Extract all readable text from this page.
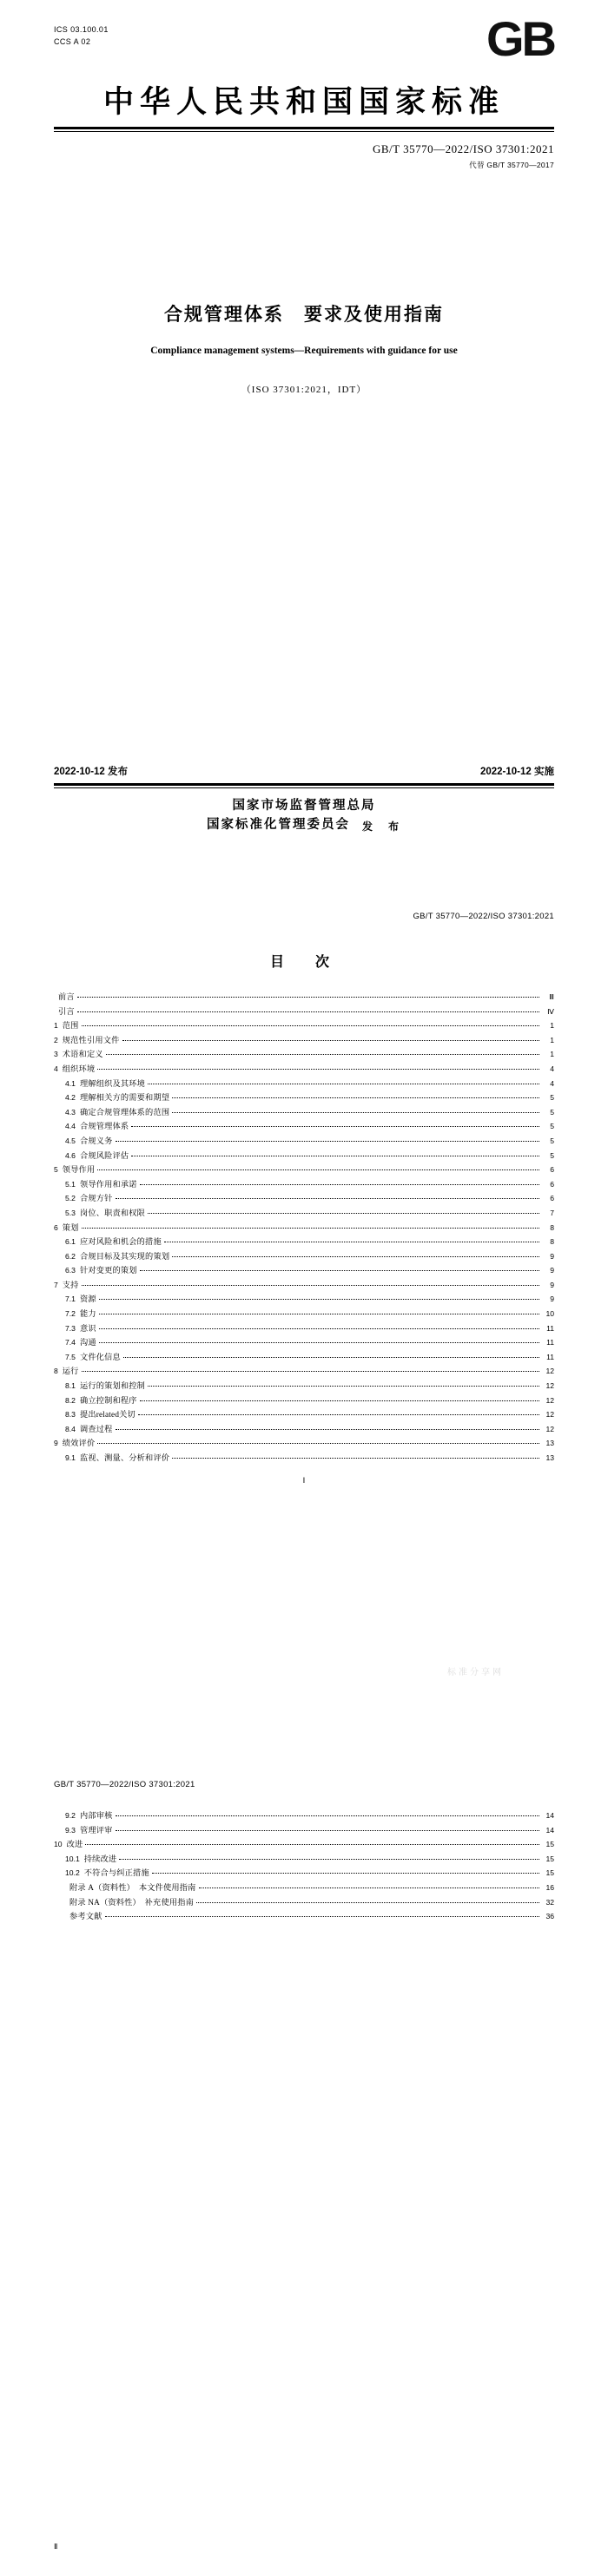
ICS 03.100.01
CCS A 02	GB
中华人民共和国国家标准
GB/T 35770—2022/ISO 37301:2021
代替 GB/T 35770—2017
合规管理体系　要求及使用指南
Compliance management systems—Requirements with guidance for use
（ISO 37301:2021，IDT）
2022-10-12 发布	2022-10-12 实施
国家市场监督管理总局
国家标准化管理委员会 发　布
GB/T 35770—2022/ISO 37301:2021
目　次
前言	Ⅲ
引言	Ⅳ
1 范围	1
2 规范性引用文件	1
3 术语和定义	1
4 组织环境	4
4.1 理解组织及其环境	4
4.2 理解相关方的需要和期望	5
4.3 确定合规管理体系的范围	5
4.4 合规管理体系	5
4.5 合规义务	5
4.6 合规风险评估	5
5 领导作用	6
5.1 领导作用和承诺	6
5.2 合规方针	6
5.3 岗位、职责和权限	7
6 策划	8
6.1 应对风险和机会的措施	8
6.2 合规目标及其实现的策划	9
6.3 针对变更的策划	9
7 支持	9
7.1 资源	9
7.2 能力	10
7.3 意识	11
7.4 沟通	11
7.5 文件化信息	11
8 运行	12
8.1 运行的策划和控制	12
8.2 确立控制和程序	12
8.3 提出related关切	12
8.4 调查过程	12
9 绩效评价	13
9.1 监视、测量、分析和评价	13
标准分享网
Ⅰ
GB/T 35770—2022/ISO 37301:2021
9.2 内部审核	14
9.3 管理评审	14
10 改进	15
10.1 持续改进	15
10.2 不符合与纠正措施	15
附录 A（资料性）　本文件使用指南	16
附录 NA（资料性）　补充使用指南	32
参考文献	36
Ⅱ
